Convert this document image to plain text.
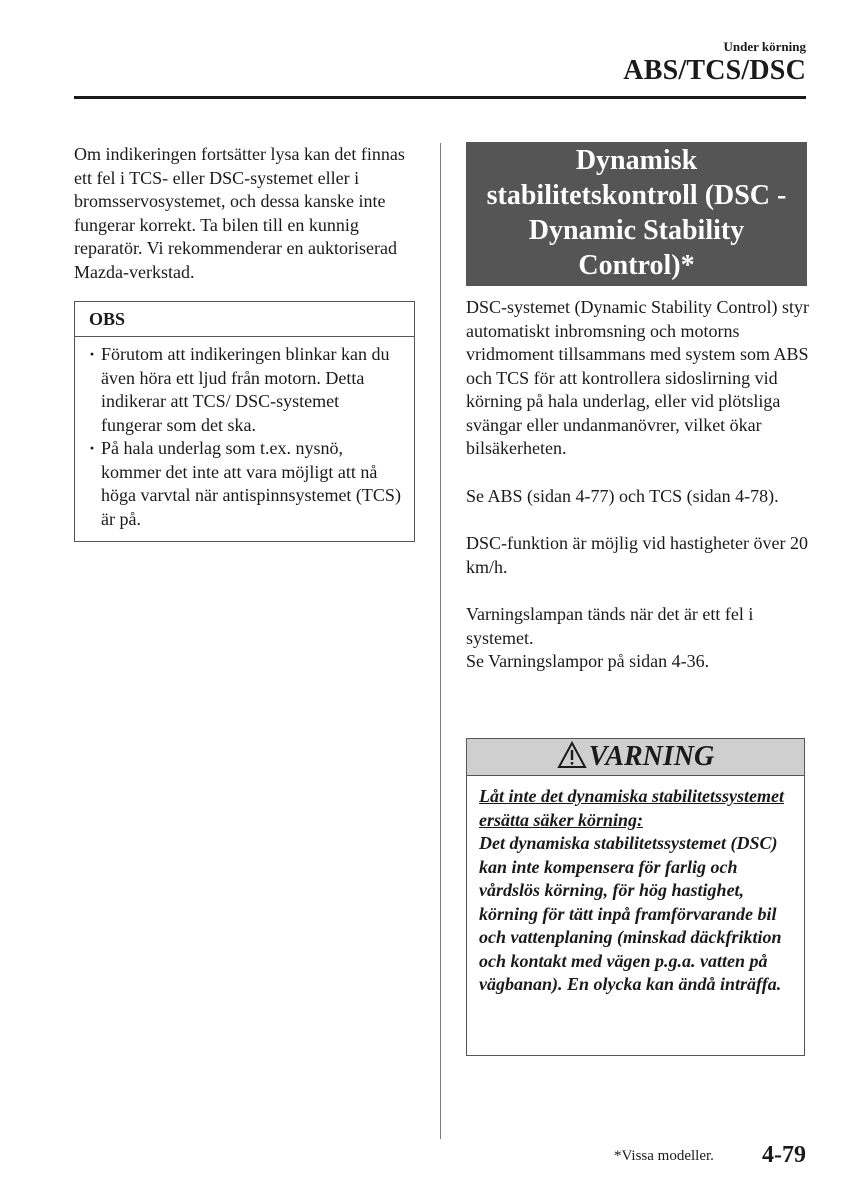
Under körning
ABS/TCS/DSC

Om indikeringen fortsätter lysa kan det finnas ett fel i TCS- eller DSC-systemet eller i bromsservosystemet, och dessa kanske inte fungerar korrekt. Ta bilen till en kunnig reparatör. Vi rekommenderar en auktoriserad Mazda-verkstad.

OBS
· Förutom att indikeringen blinkar kan du även höra ett ljud från motorn. Detta indikerar att TCS/ DSC-systemet fungerar som det ska.
· På hala underlag som t.ex. nysnö, kommer det inte att vara möjligt att nå höga varvtal när antispinnsystemet (TCS) är på.
Dynamisk stabilitetskontroll (DSC - Dynamic Stability Control)*

DSC-systemet (Dynamic Stability Control) styr automatiskt inbromsning och motorns vridmoment tillsammans med system som ABS och TCS för att kontrollera sidoslirning vid körning på hala underlag, eller vid plötsliga svängar eller undanmanövrer, vilket ökar bilsäkerheten.

Se ABS (sidan 4-77) och TCS (sidan 4-78).

DSC-funktion är möjlig vid hastigheter över 20 km/h.

Varningslampan tänds när det är ett fel i systemet.

Se Varningslampor på sidan 4-36.

VARNING
Låt inte det dynamiska stabilitetssystemet ersätta säker körning:
Det dynamiska stabilitetssystemet (DSC) kan inte kompensera för farlig och vårdslös körning, för hög hastighet, körning för tätt inpå framförvarande bil och vattenplaning (minskad däckfriktion och kontakt med vägen p.g.a. vatten på vägbanan). En olycka kan ändå inträffa.
*Vissa modeller. 4-79
